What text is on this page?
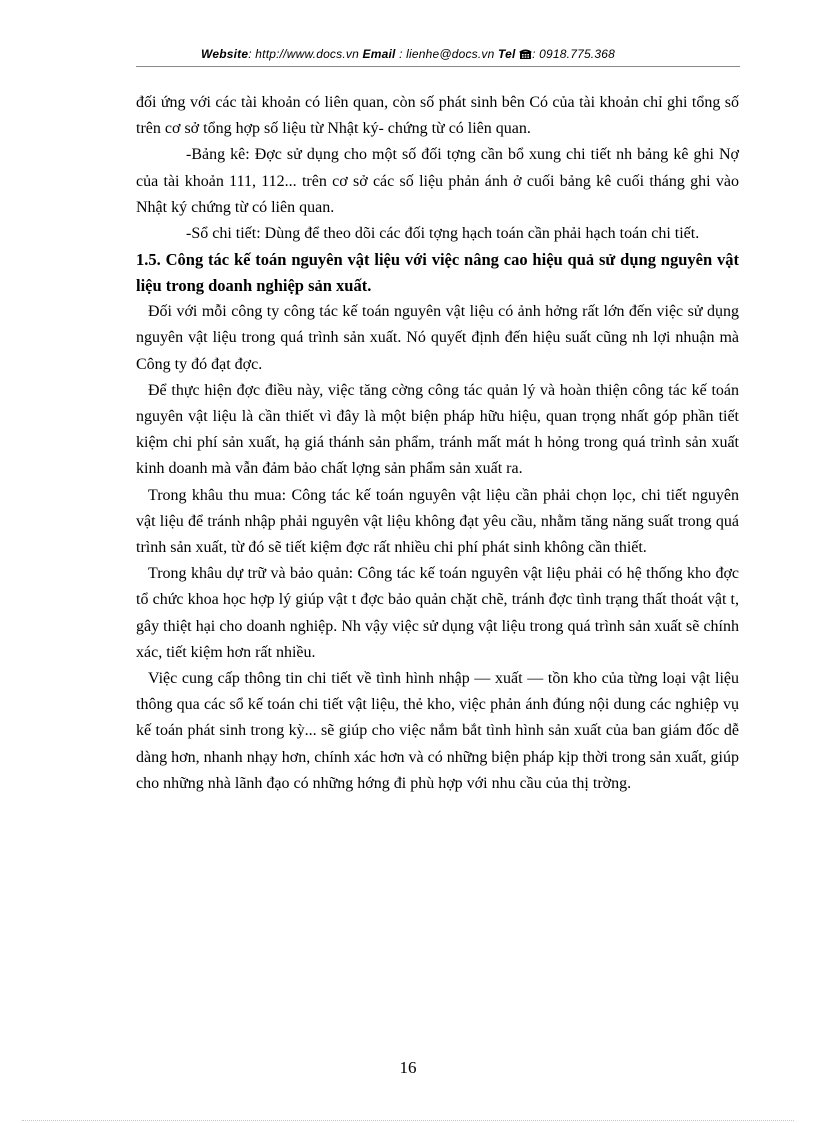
Website: http://www.docs.vn Email : lienhe@docs.vn Tel : 0918.775.368

đối ứng với các tài khoản có liên quan, còn số phát sinh bên Có của tài khoản chỉ ghi tổng số trên cơ sở tổng hợp số liệu từ Nhật ký- chứng từ có liên quan.

-Bảng kê: Đợc sử dụng cho một số đối tợng cần bổ xung chi tiết nh bảng kê ghi Nợ của tài khoản 111, 112... trên cơ sở các số liệu phản ánh ở cuối bảng kê cuối tháng ghi vào Nhật ký chứng từ có liên quan.

-Sổ chi tiết: Dùng để theo dõi các đối tợng hạch toán cần phải hạch toán chi tiết.

1.5. Công tác kế toán nguyên vật liệu với việc nâng cao hiệu quả sử dụng nguyên vật liệu trong doanh nghiệp sản xuất.

Đối với mỗi công ty công tác kế toán nguyên vật liệu có ảnh hởng rất lớn đến việc sử dụng nguyên vật liệu trong quá trình sản xuất. Nó quyết định đến hiệu suất cũng nh lợi nhuận mà Công ty đó đạt đợc.

Để thực hiện đợc điều này, việc tăng cờng công tác quản lý và hoàn thiện công tác kế toán nguyên vật liệu là cần thiết vì đây là một biện pháp hữu hiệu, quan trọng nhất góp phần tiết kiệm chi phí sản xuất, hạ giá thánh sản phẩm, tránh mất mát h hỏng trong quá trình sản xuất kinh doanh mà vẫn đảm bảo chất lợng sản phẩm sản xuất ra.

Trong khâu thu mua: Công tác kế toán nguyên vật liệu cần phải chọn lọc, chi tiết nguyên vật liệu để tránh nhập phải nguyên vật liệu không đạt yêu cầu, nhằm tăng năng suất trong quá trình sản xuất, từ đó sẽ tiết kiệm đợc rất nhiều chi phí phát sinh không cần thiết.

Trong khâu dự trữ và bảo quản: Công tác kế toán nguyên vật liệu phải có hệ thống kho đợc tổ chức khoa học hợp lý giúp vật t đợc bảo quản chặt chẽ, tránh đợc tình trạng thất thoát vật t, gây thiệt hại cho doanh nghiệp. Nh vậy việc sử dụng vật liệu trong quá trình sản xuất sẽ chính xác, tiết kiệm hơn rất nhiều.

Việc cung cấp thông tin chi tiết về tình hình nhập — xuất — tồn kho của từng loại vật liệu thông qua các sổ kế toán chi tiết vật liệu, thẻ kho, việc phản ánh đúng nội dung các nghiệp vụ kế toán phát sinh trong kỳ... sẽ giúp cho việc nắm bắt tình hình sản xuất của ban giám đốc dễ dàng hơn, nhanh nhạy hơn, chính xác hơn và có những biện pháp kịp thời trong sản xuất, giúp cho những nhà lãnh đạo có những hớng đi phù hợp với nhu cầu của thị trờng.

16
